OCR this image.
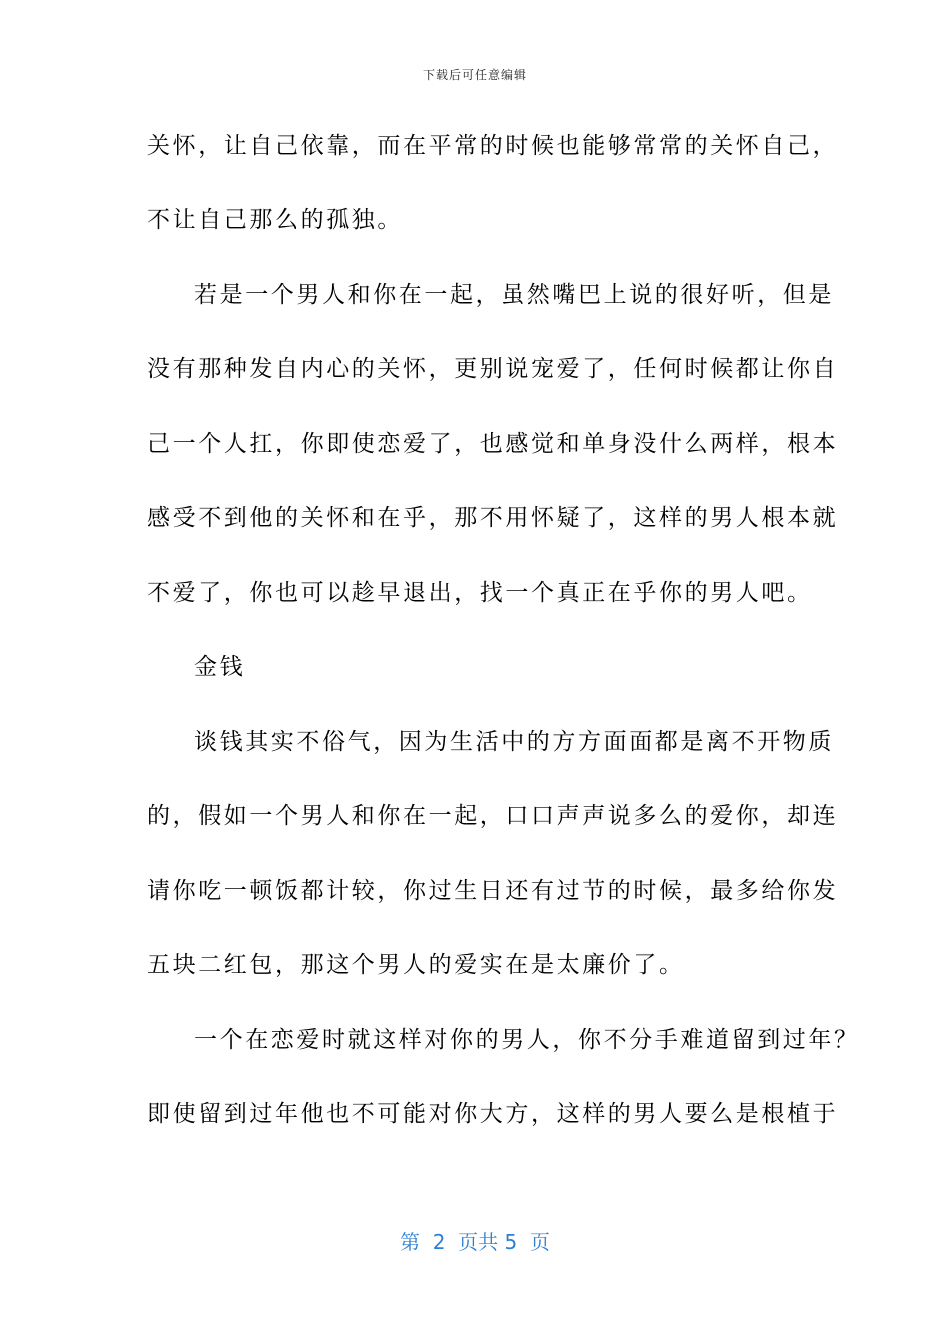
下载后可任意编辑
关怀，让自己依靠，而在平常的时候也能够常常的关怀自己，
不让自己那么的孤独。
若是一个男人和你在一起，虽然嘴巴上说的很好听，但是
没有那种发自内心的关怀，更别说宠爱了，任何时候都让你自
己一个人扛，你即使恋爱了，也感觉和单身没什么两样，根本
感受不到他的关怀和在乎，那不用怀疑了，这样的男人根本就
不爱了，你也可以趁早退出，找一个真正在乎你的男人吧。
金钱
谈钱其实不俗气，因为生活中的方方面面都是离不开物质
的，假如一个男人和你在一起，口口声声说多么的爱你，却连
请你吃一顿饭都计较，你过生日还有过节的时候，最多给你发
五块二红包，那这个男人的爱实在是太廉价了。
一个在恋爱时就这样对你的男人，你不分手难道留到过年？
即使留到过年他也不可能对你大方，这样的男人要么是根植于
第  2  页共 5  页
